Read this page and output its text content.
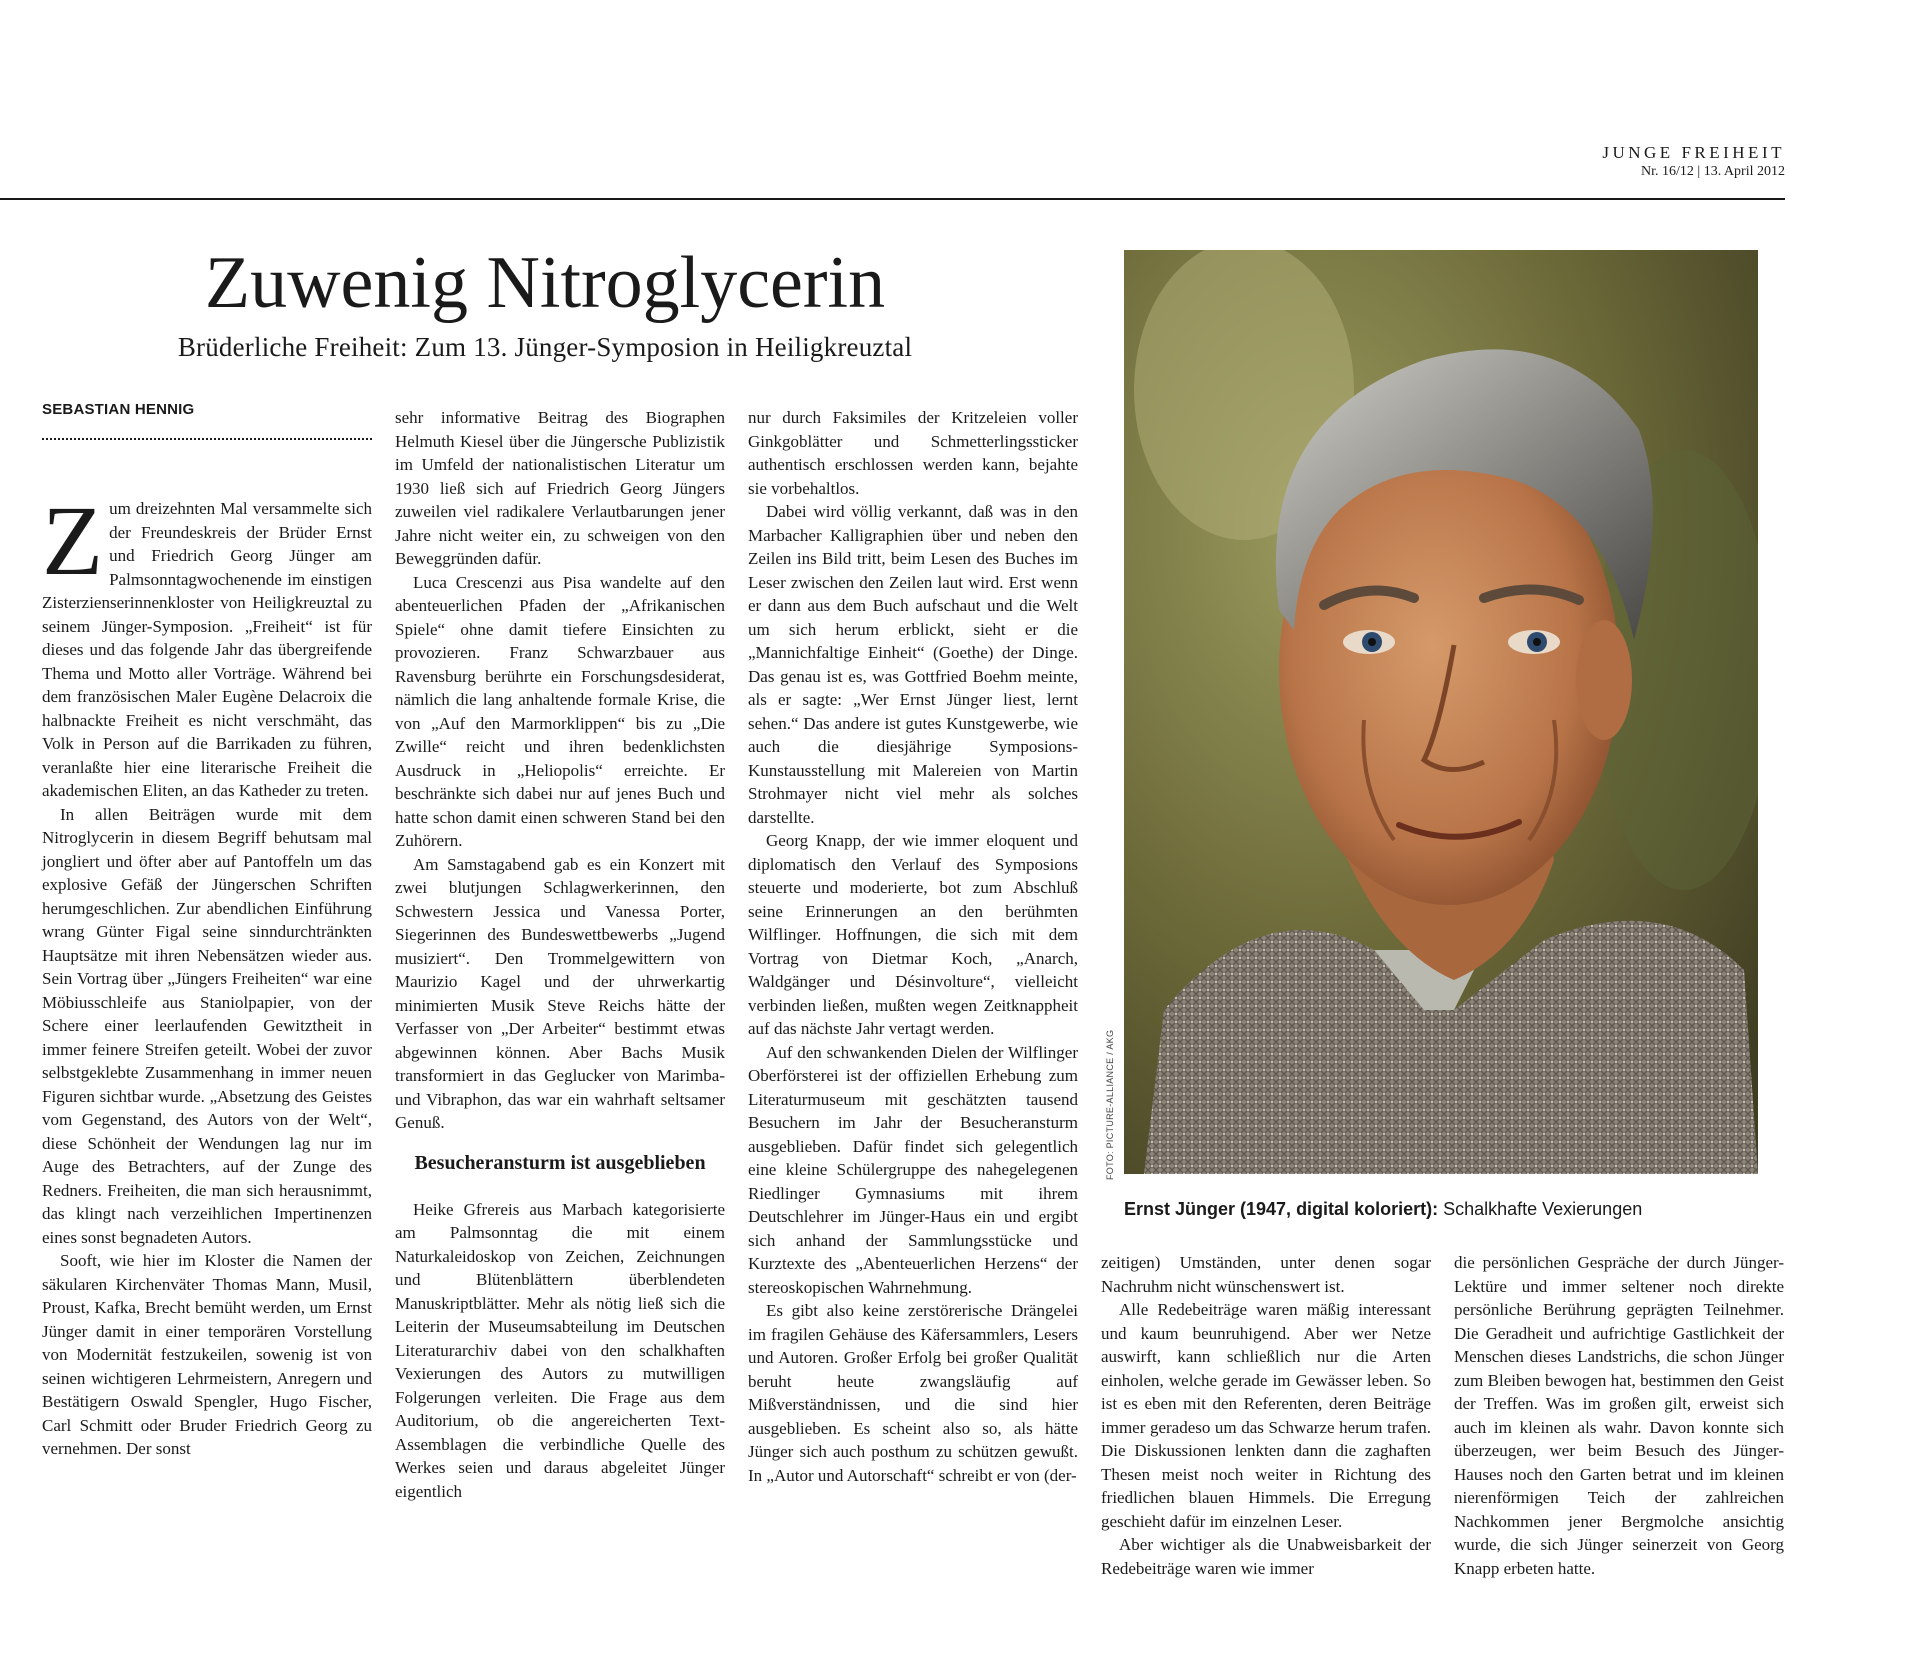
JUNGE FREIHEIT
Nr. 16/12 | 13. April 2012
Zuwenig Nitroglycerin
Brüderliche Freiheit: Zum 13. Jünger-Symposion in Heiligkreuztal
SEBASTIAN HENNIG

Zum dreizehnten Mal versammelte sich der Freundeskreis der Brüder Ernst und Friedrich Georg Jünger am Palmsonntagwochenende im einstigen Zisterzienserinnenkloster von Heiligkreuztal zu seinem Jünger-Symposion. „Freiheit“ ist für dieses und das folgende Jahr das übergreifende Thema und Motto aller Vorträge. Während bei dem französischen Maler Eugène Delacroix die halbnackte Freiheit es nicht verschmäht, das Volk in Person auf die Barrikaden zu führen, veranlaßte hier eine literarische Freiheit die akademischen Eliten, an das Katheder zu treten.

In allen Beiträgen wurde mit dem Nitroglycerin in diesem Begriff behutsam mal jongliert und öfter aber auf Pantoffeln um das explosive Gefäß der Jüngerschen Schriften herumgeschlichen. Zur abendlichen Einführung wrang Günter Figal seine sinndurchtränkten Hauptsätze mit ihren Nebensätzen wieder aus. Sein Vortrag über „Jüngers Freiheiten“ war eine Möbiusschleife aus Staniolpapier, von der Schere einer leerlaufenden Gewitztheit in immer feinere Streifen geteilt. Wobei der zuvor selbstgeklebte Zusammenhang in immer neuen Figuren sichtbar wurde. „Absetzung des Geistes vom Gegenstand, des Autors von der Welt“, diese Schönheit der Wendungen lag nur im Auge des Betrachters, auf der Zunge des Redners. Freiheiten, die man sich herausnimmt, das klingt nach verzeihlichen Impertinenzen eines sonst begnadeten Autors.

Sooft, wie hier im Kloster die Namen der säkularen Kirchenväter Thomas Mann, Musil, Proust, Kafka, Brecht bemüht werden, um Ernst Jünger damit in einer temporären Vorstellung von Modernität festzukeilen, sowenig ist von seinen wichtigeren Lehrmeistern, Anregern und Bestätigern Oswald Spengler, Hugo Fischer, Carl Schmitt oder Bruder Friedrich Georg zu vernehmen. Der sonst

sehr informative Beitrag des Biographen Helmuth Kiesel über die Jüngersche Publizistik im Umfeld der nationalistischen Literatur um 1930 ließ sich auf Friedrich Georg Jüngers zuweilen viel radikalere Verlautbarungen jener Jahre nicht weiter ein, zu schweigen von den Beweggründen dafür.

Luca Crescenzi aus Pisa wandelte auf den abenteuerlichen Pfaden der „Afrikanischen Spiele“ ohne damit tiefere Einsichten zu provozieren. Franz Schwarzbauer aus Ravensburg berührte ein Forschungsdesiderat, nämlich die lang anhaltende formale Krise, die von „Auf den Marmorklippen“ bis zu „Die Zwille“ reicht und ihren bedenklichsten Ausdruck in „Heliopolis“ erreichte. Er beschränkte sich dabei nur auf jenes Buch und hatte schon damit einen schweren Stand bei den Zuhörern.

Am Samstagabend gab es ein Konzert mit zwei blutjungen Schlagwerkerinnen, den Schwestern Jessica und Vanessa Porter, Siegerinnen des Bundeswettbewerbs „Jugend musiziert“. Den Trommelgewittern von Maurizio Kagel und der uhrwerkartig minimierten Musik Steve Reichs hätte der Verfasser von „Der Arbeiter“ bestimmt etwas abgewinnen können. Aber Bachs Musik transformiert in das Geglucker von Marimba- und Vibraphon, das war ein wahrhaft seltsamer Genuß.

Besucheransturm ist ausgeblieben

Heike Gfrereis aus Marbach kategorisierte am Palmsonntag die mit einem Naturkaleidoskop von Zeichen, Zeichnungen und Blütenblättern überblendeten Manuskriptblätter. Mehr als nötig ließ sich die Leiterin der Museumsabteilung im Deutschen Literaturarchiv dabei von den schalkhaften Vexierungen des Autors zu mutwilligen Folgerungen verleiten. Die Frage aus dem Auditorium, ob die angereicherten Text-Assemblagen die verbindliche Quelle des Werkes seien und daraus abgeleitet Jünger eigentlich

nur durch Faksimiles der Kritzeleien voller Ginkgoblätter und Schmetterlingssticker authentisch erschlossen werden kann, bejahte sie vorbehaltlos.

Dabei wird völlig verkannt, daß was in den Marbacher Kalligraphien über und neben den Zeilen ins Bild tritt, beim Lesen des Buches im Leser zwischen den Zeilen laut wird. Erst wenn er dann aus dem Buch aufschaut und die Welt um sich herum erblickt, sieht er die „Mannichfaltige Einheit“ (Goethe) der Dinge. Das genau ist es, was Gottfried Boehm meinte, als er sagte: „Wer Ernst Jünger liest, lernt sehen.“ Das andere ist gutes Kunstgewerbe, wie auch die diesjährige Symposions-Kunstausstellung mit Malereien von Martin Strohmayer nicht viel mehr als solches darstellte.

Georg Knapp, der wie immer eloquent und diplomatisch den Verlauf des Symposions steuerte und moderierte, bot zum Abschluß seine Erinnerungen an den berühmten Wilflinger. Hoffnungen, die sich mit dem Vortrag von Dietmar Koch, „Anarch, Waldgänger und Désinvolture“, vielleicht verbinden ließen, mußten wegen Zeitknappheit auf das nächste Jahr vertagt werden.

Auf den schwankenden Dielen der Wilflinger Oberförsterei ist der offiziellen Erhebung zum Literaturmuseum mit geschätzten tausend Besuchern im Jahr der Besucheransturm ausgeblieben. Dafür findet sich gelegentlich eine kleine Schülergruppe des nahegelegenen Riedlinger Gymnasiums mit ihrem Deutschlehrer im Jünger-Haus ein und ergibt sich anhand der Sammlungsstücke und Kurztexte des „Abenteuerlichen Herzens“ der stereoskopischen Wahrnehmung.

Es gibt also keine zerstörerische Drängelei im fragilen Gehäuse des Käfersammlers, Lesers und Autoren. Großer Erfolg bei großer Qualität beruht heute zwangsläufig auf Mißverständnissen, und die sind hier ausgeblieben. Es scheint also so, als hätte Jünger sich auch posthum zu schützen gewußt. In „Autor und Autorschaft“ schreibt er von (der-

FOTO: PICTURE-ALLIANCE / AKG
Ernst Jünger (1947, digital koloriert): Schalkhafte Vexierungen

zeitigen) Umständen, unter denen sogar Nachruhm nicht wünschenswert ist.

Alle Redebeiträge waren mäßig interessant und kaum beunruhigend. Aber wer Netze auswirft, kann schließlich nur die Arten einholen, welche gerade im Gewässer leben. So ist es eben mit den Referenten, deren Beiträge immer geradeso um das Schwarze herum trafen. Die Diskussionen lenkten dann die zaghaften Thesen meist noch weiter in Richtung des friedlichen blauen Himmels. Die Erregung geschieht dafür im einzelnen Leser.

Aber wichtiger als die Unabweisbarkeit der Redebeiträge waren wie immer

die persönlichen Gespräche der durch Jünger-Lektüre und immer seltener noch direkte persönliche Berührung geprägten Teilnehmer. Die Geradheit und aufrichtige Gastlichkeit der Menschen dieses Landstrichs, die schon Jünger zum Bleiben bewogen hat, bestimmen den Geist der Treffen. Was im großen gilt, erweist sich auch im kleinen als wahr. Davon konnte sich überzeugen, wer beim Besuch des Jünger-Hauses noch den Garten betrat und im kleinen nierenförmigen Teich der zahlreichen Nachkommen jener Bergmolche ansichtig wurde, die sich Jünger seinerzeit von Georg Knapp erbeten hatte.
